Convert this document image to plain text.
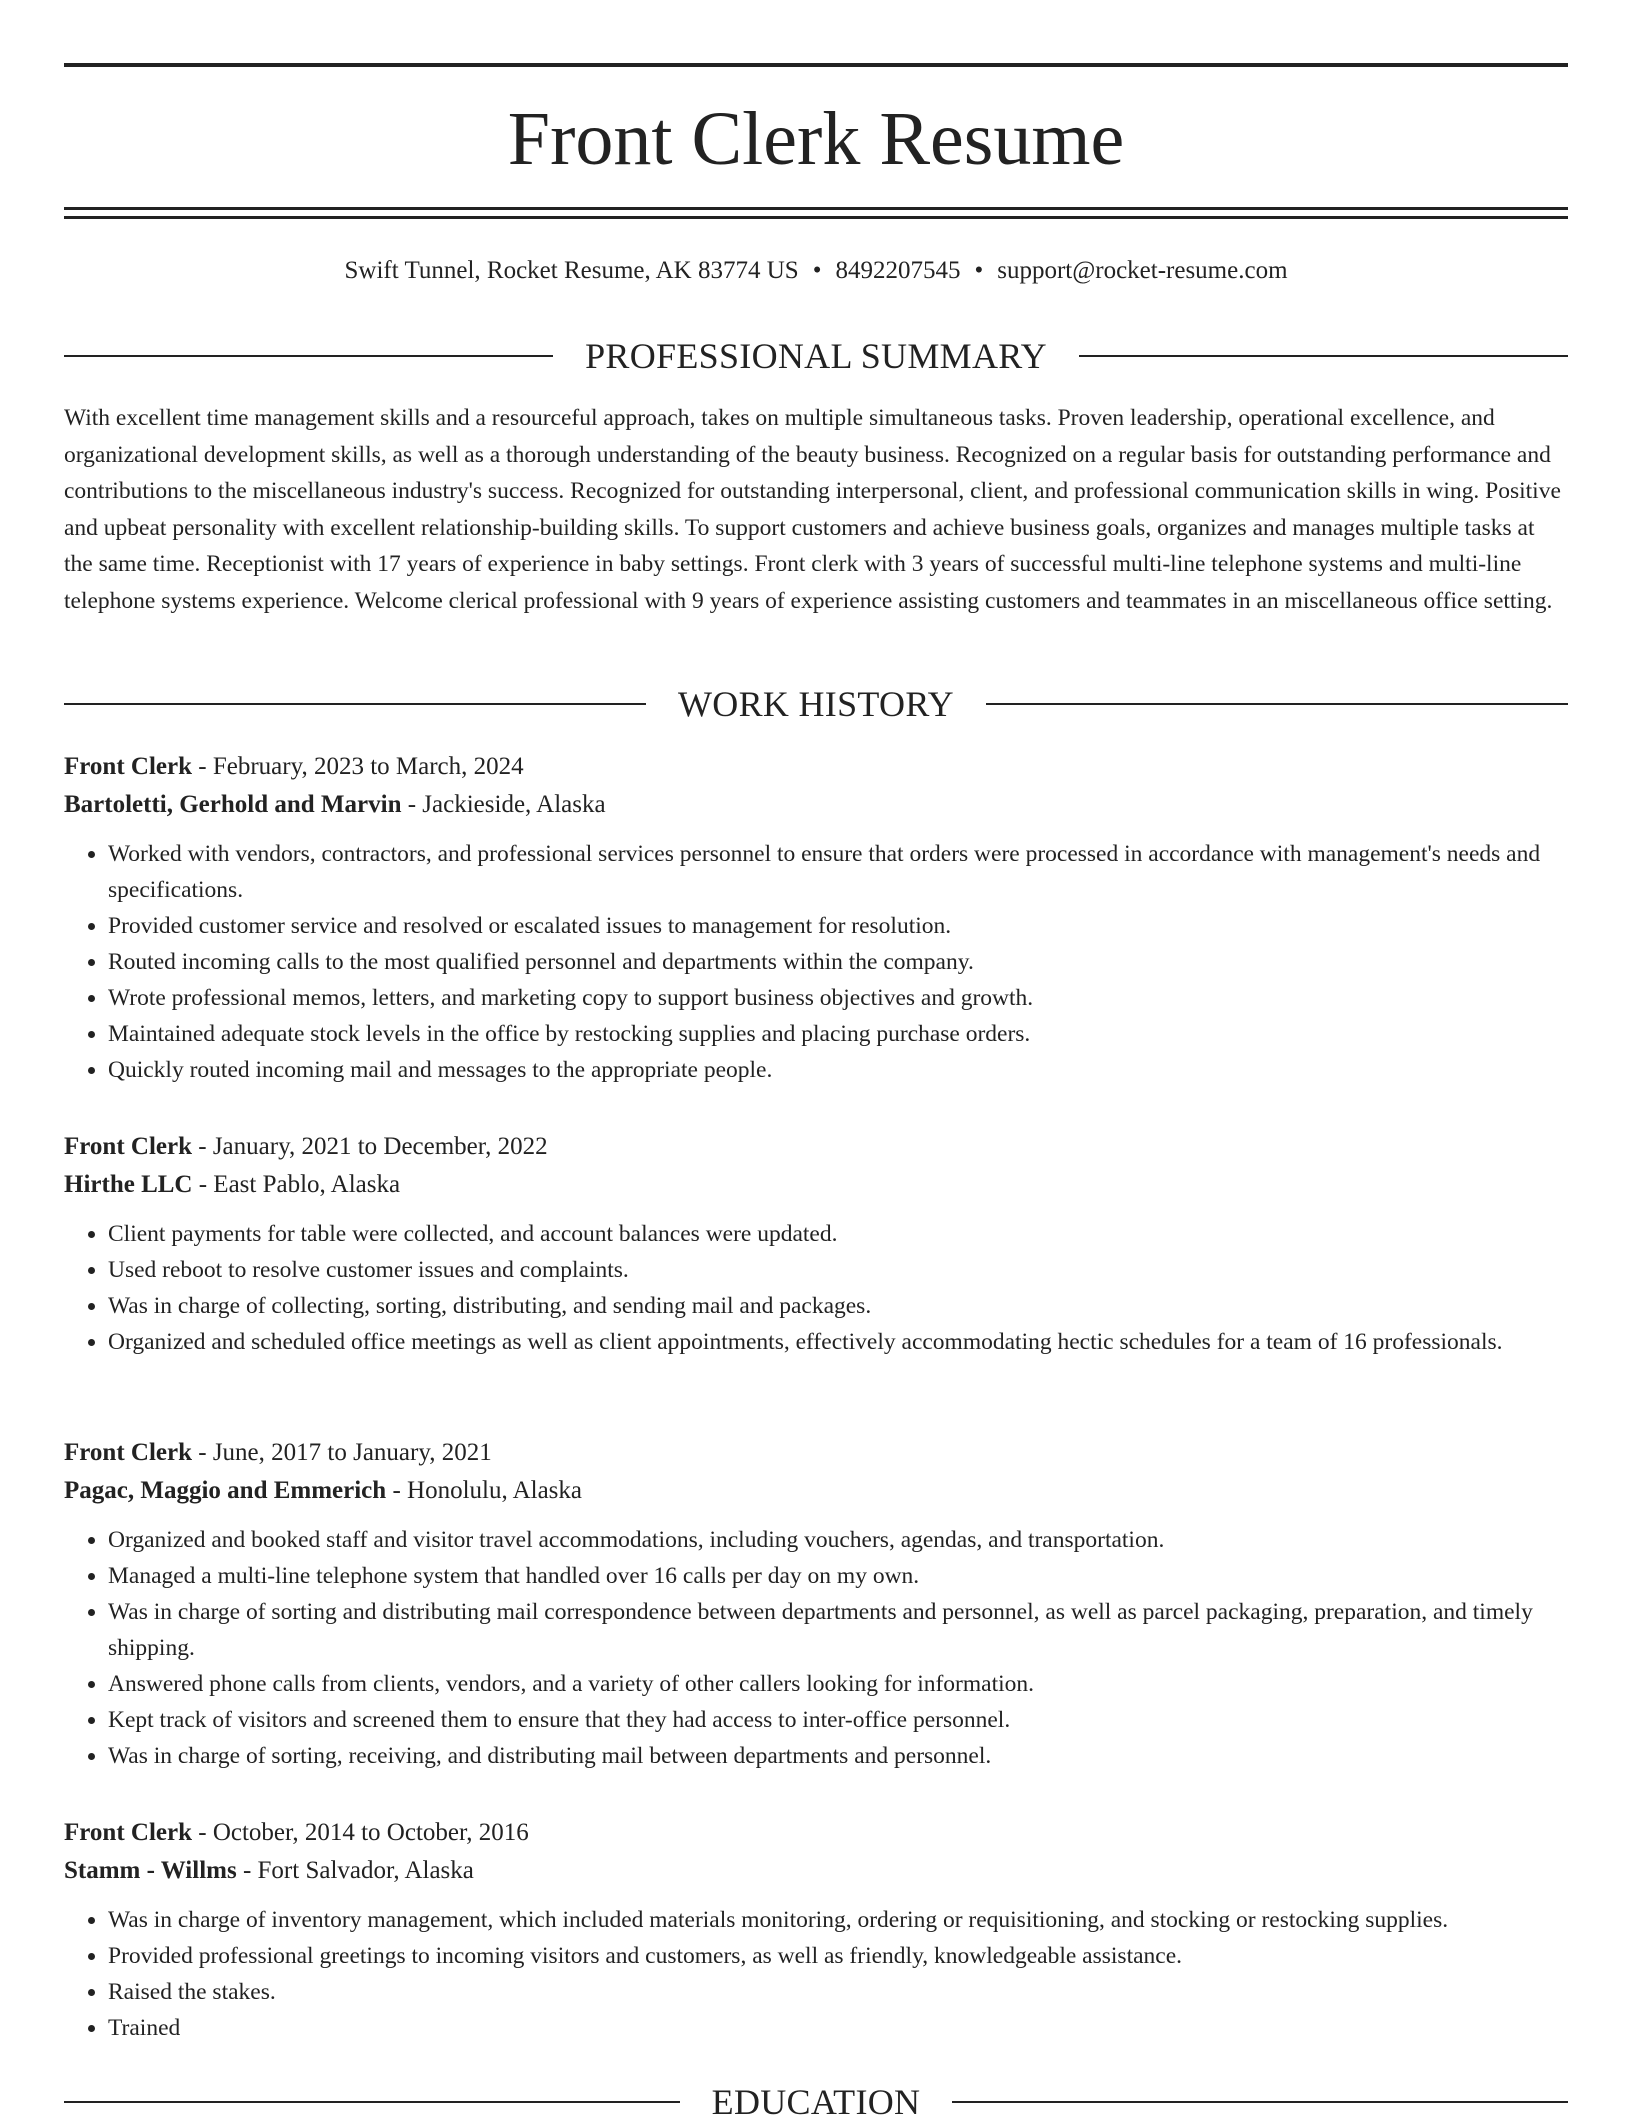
Front Clerk Resume
Swift Tunnel, Rocket Resume, AK 83774 US • 8492207545 • support@rocket-resume.com
PROFESSIONAL SUMMARY
With excellent time management skills and a resourceful approach, takes on multiple simultaneous tasks. Proven leadership, operational excellence, and organizational development skills, as well as a thorough understanding of the beauty business. Recognized on a regular basis for outstanding performance and contributions to the miscellaneous industry's success. Recognized for outstanding interpersonal, client, and professional communication skills in wing. Positive and upbeat personality with excellent relationship-building skills. To support customers and achieve business goals, organizes and manages multiple tasks at the same time. Receptionist with 17 years of experience in baby settings. Front clerk with 3 years of successful multi-line telephone systems and multi-line telephone systems experience. Welcome clerical professional with 9 years of experience assisting customers and teammates in an miscellaneous office setting.
WORK HISTORY
Front Clerk - February, 2023 to March, 2024
Bartoletti, Gerhold and Marvin - Jackieside, Alaska
• Worked with vendors, contractors, and professional services personnel to ensure that orders were processed in accordance with management's needs and specifications.
• Provided customer service and resolved or escalated issues to management for resolution.
• Routed incoming calls to the most qualified personnel and departments within the company.
• Wrote professional memos, letters, and marketing copy to support business objectives and growth.
• Maintained adequate stock levels in the office by restocking supplies and placing purchase orders.
• Quickly routed incoming mail and messages to the appropriate people.
Front Clerk - January, 2021 to December, 2022
Hirthe LLC - East Pablo, Alaska
• Client payments for table were collected, and account balances were updated.
• Used reboot to resolve customer issues and complaints.
• Was in charge of collecting, sorting, distributing, and sending mail and packages.
• Organized and scheduled office meetings as well as client appointments, effectively accommodating hectic schedules for a team of 16 professionals.
Front Clerk - June, 2017 to January, 2021
Pagac, Maggio and Emmerich - Honolulu, Alaska
• Organized and booked staff and visitor travel accommodations, including vouchers, agendas, and transportation.
• Managed a multi-line telephone system that handled over 16 calls per day on my own.
• Was in charge of sorting and distributing mail correspondence between departments and personnel, as well as parcel packaging, preparation, and timely shipping.
• Answered phone calls from clients, vendors, and a variety of other callers looking for information.
• Kept track of visitors and screened them to ensure that they had access to inter-office personnel.
• Was in charge of sorting, receiving, and distributing mail between departments and personnel.
Front Clerk - October, 2014 to October, 2016
Stamm - Willms - Fort Salvador, Alaska
• Was in charge of inventory management, which included materials monitoring, ordering or requisitioning, and stocking or restocking supplies.
• Provided professional greetings to incoming visitors and customers, as well as friendly, knowledgeable assistance.
• Raised the stakes.
• Trained
EDUCATION
